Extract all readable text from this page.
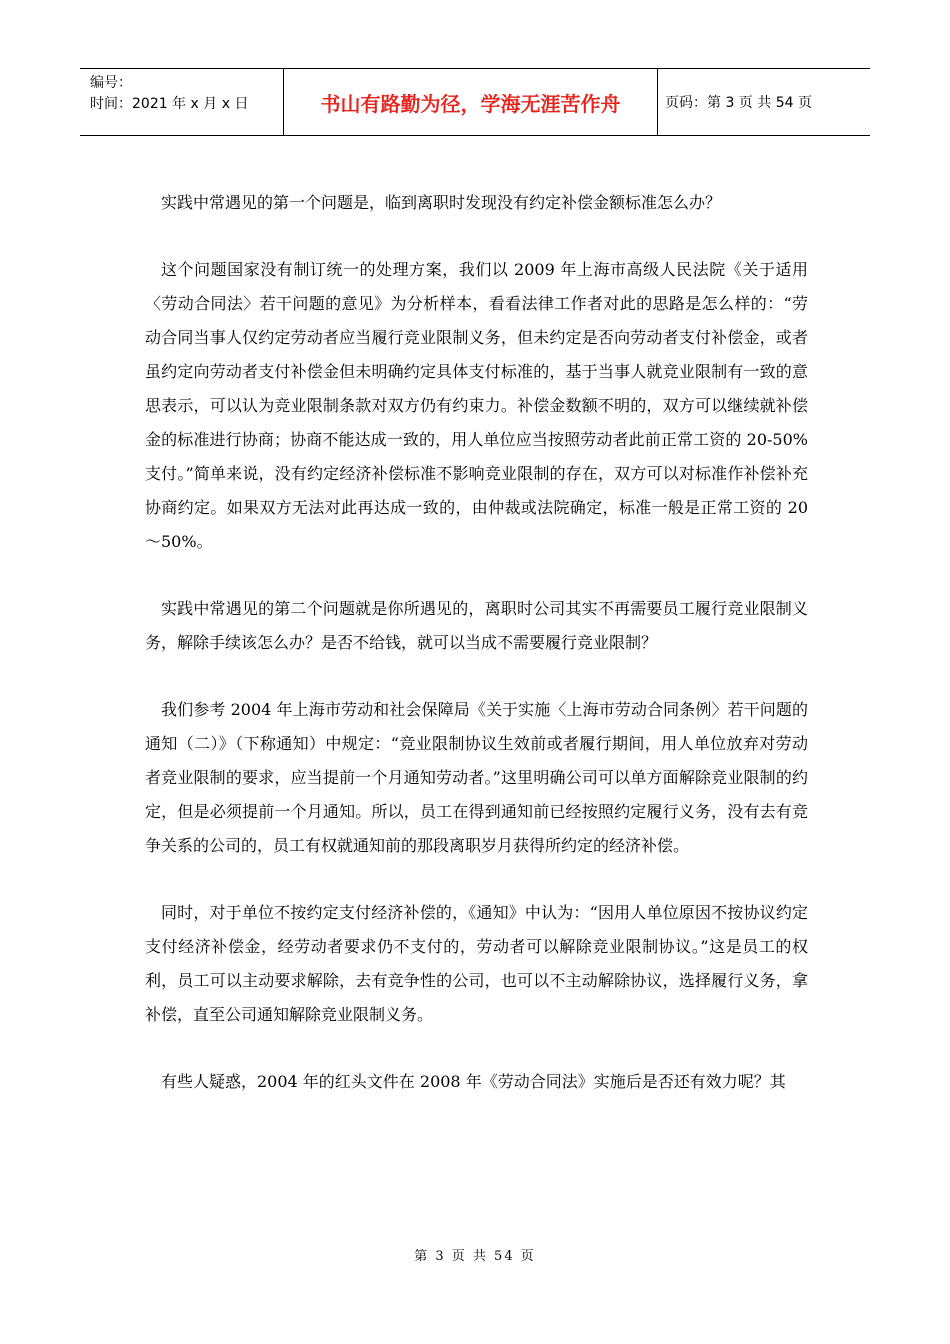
编号：
时间：2021 年 x 月 x 日	书山有路勤为径，学海无涯苦作舟	页码：第 3 页 共 54 页

实践中常遇见的第一个问题是，临到离职时发现没有约定补偿金额标准怎么办？

这个问题国家没有制订统一的处理方案，我们以 2009 年上海市高级人民法院《关于适用〈劳动合同法〉若干问题的意见》为分析样本，看看法律工作者对此的思路是怎么样的：“劳动合同当事人仅约定劳动者应当履行竞业限制义务，但未约定是否向劳动者支付补偿金，或者虽约定向劳动者支付补偿金但未明确约定具体支付标准的，基于当事人就竞业限制有一致的意思表示，可以认为竞业限制条款对双方仍有约束力。补偿金数额不明的，双方可以继续就补偿金的标准进行协商；协商不能达成一致的，用人单位应当按照劳动者此前正常工资的 20-50%支付。”简单来说，没有约定经济补偿标准不影响竞业限制的存在，双方可以对标准作补偿补充协商约定。如果双方无法对此再达成一致的，由仲裁或法院确定，标准一般是正常工资的 20～50%。

实践中常遇见的第二个问题就是你所遇见的，离职时公司其实不再需要员工履行竞业限制义务，解除手续该怎么办？是否不给钱，就可以当成不需要履行竞业限制？

我们参考 2004 年上海市劳动和社会保障局《关于实施〈上海市劳动合同条例〉若干问题的通知（二）》（下称通知）中规定：“竞业限制协议生效前或者履行期间，用人单位放弃对劳动者竞业限制的要求，应当提前一个月通知劳动者。”这里明确公司可以单方面解除竞业限制的约定，但是必须提前一个月通知。所以，员工在得到通知前已经按照约定履行义务，没有去有竞争关系的公司的，员工有权就通知前的那段离职岁月获得所约定的经济补偿。

同时，对于单位不按约定支付经济补偿的，《通知》中认为：“因用人单位原因不按协议约定支付经济补偿金，经劳动者要求仍不支付的，劳动者可以解除竞业限制协议。”这是员工的权利，员工可以主动要求解除，去有竞争性的公司，也可以不主动解除协议，选择履行义务，拿补偿，直至公司通知解除竞业限制义务。

有些人疑惑，2004 年的红头文件在 2008 年《劳动合同法》实施后是否还有效力呢？其

第 3 页 共 54 页
